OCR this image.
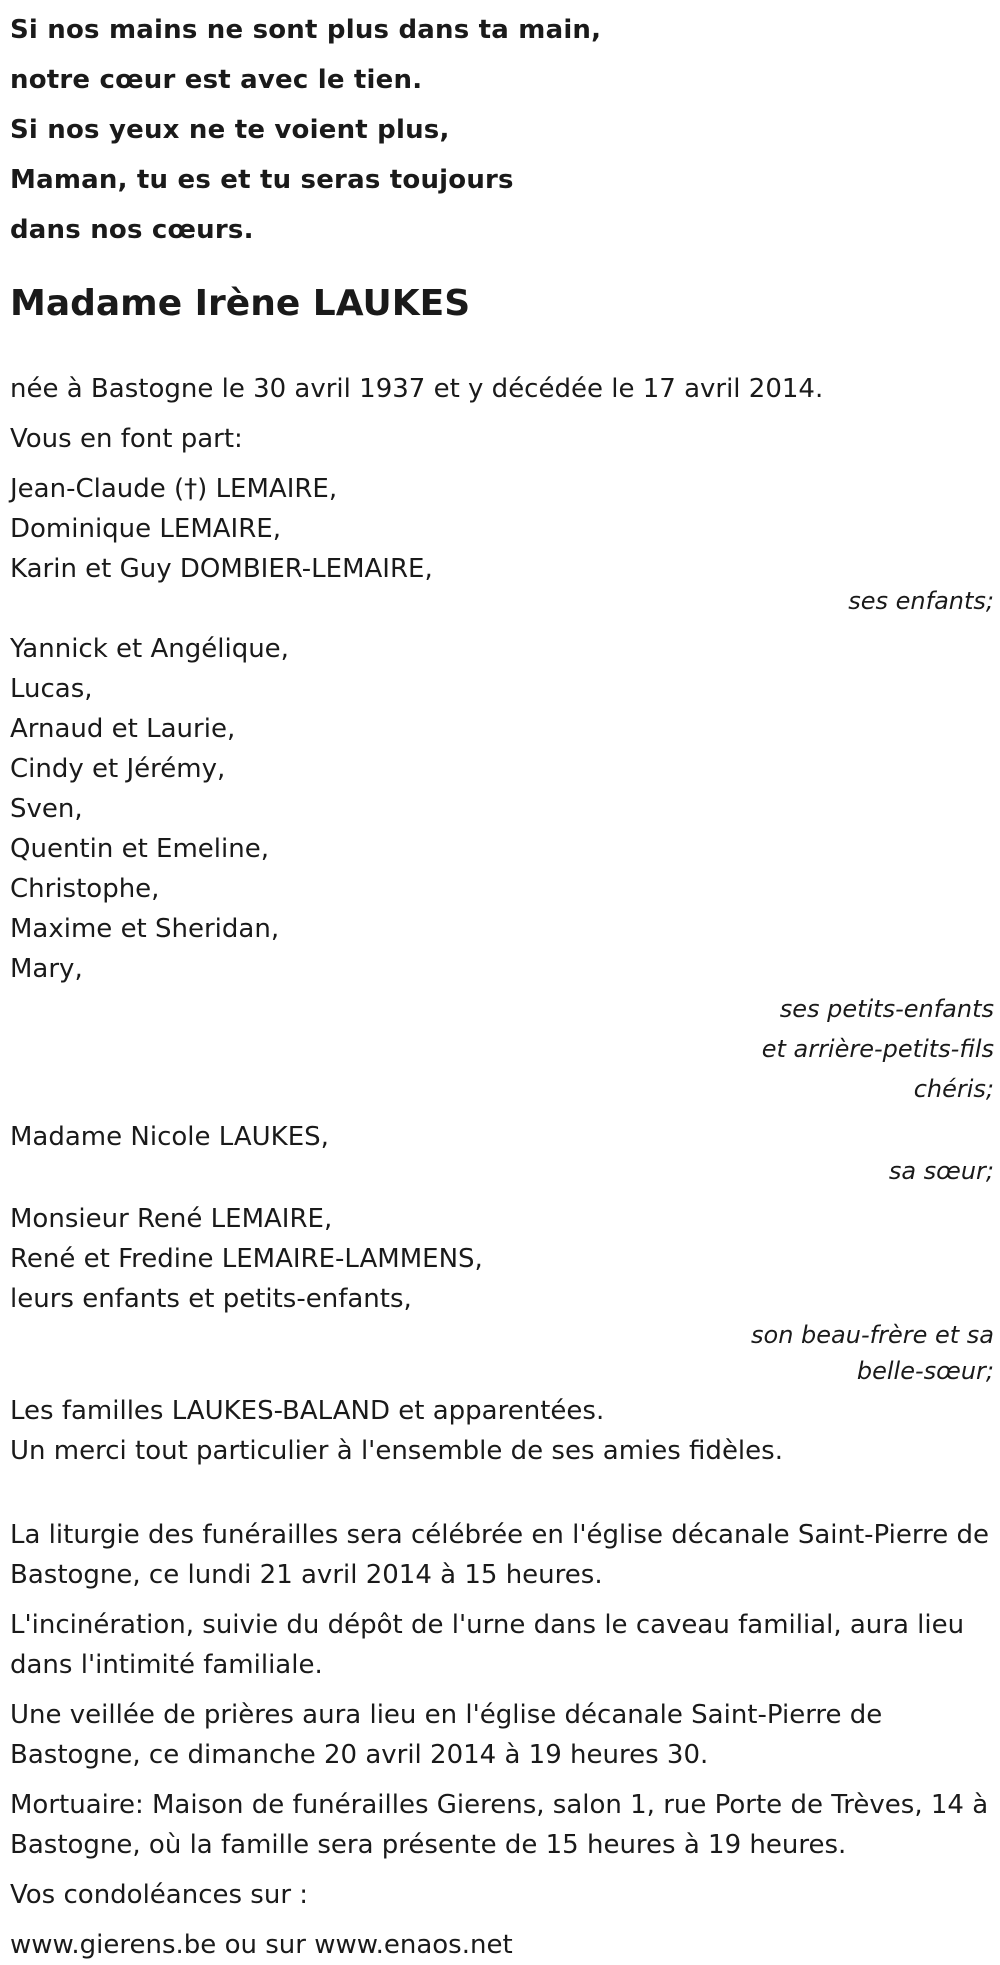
Si nos mains ne sont plus dans ta main,
notre cœur est avec le tien.
Si nos yeux ne te voient plus,
Maman, tu es et tu seras toujours
dans nos cœurs.
Madame Irène LAUKES
née à Bastogne le 30 avril 1937 et y décédée le 17 avril 2014.
Vous en font part:
Jean-Claude (†) LEMAIRE,
Dominique LEMAIRE,
Karin et Guy DOMBIER-LEMAIRE,
ses enfants;
Yannick et Angélique,
Lucas,
Arnaud et Laurie,
Cindy et Jérémy,
Sven,
Quentin et Emeline,
Christophe,
Maxime et Sheridan,
Mary,
ses petits-enfants
et arrière-petits-fils
chéris;
Madame Nicole LAUKES,
sa sœur;
Monsieur René LEMAIRE,
René et Fredine LEMAIRE-LAMMENS,
leurs enfants et petits-enfants,
son beau-frère et sa
belle-sœur;
Les familles LAUKES-BALAND et apparentées.
Un merci tout particulier à l'ensemble de ses amies fidèles.

La liturgie des funérailles sera célébrée en l'église décanale Saint-Pierre de Bastogne, ce lundi 21 avril 2014 à 15 heures.

L'incinération, suivie du dépôt de l'urne dans le caveau familial, aura lieu dans l'intimité familiale.

Une veillée de prières aura lieu en l'église décanale Saint-Pierre de Bastogne, ce dimanche 20 avril 2014 à 19 heures 30.

Mortuaire: Maison de funérailles Gierens, salon 1, rue Porte de Trèves, 14 à Bastogne, où la famille sera présente de 15 heures à 19 heures.

Vos condoléances sur :
www.gierens.be ou sur www.enaos.net
